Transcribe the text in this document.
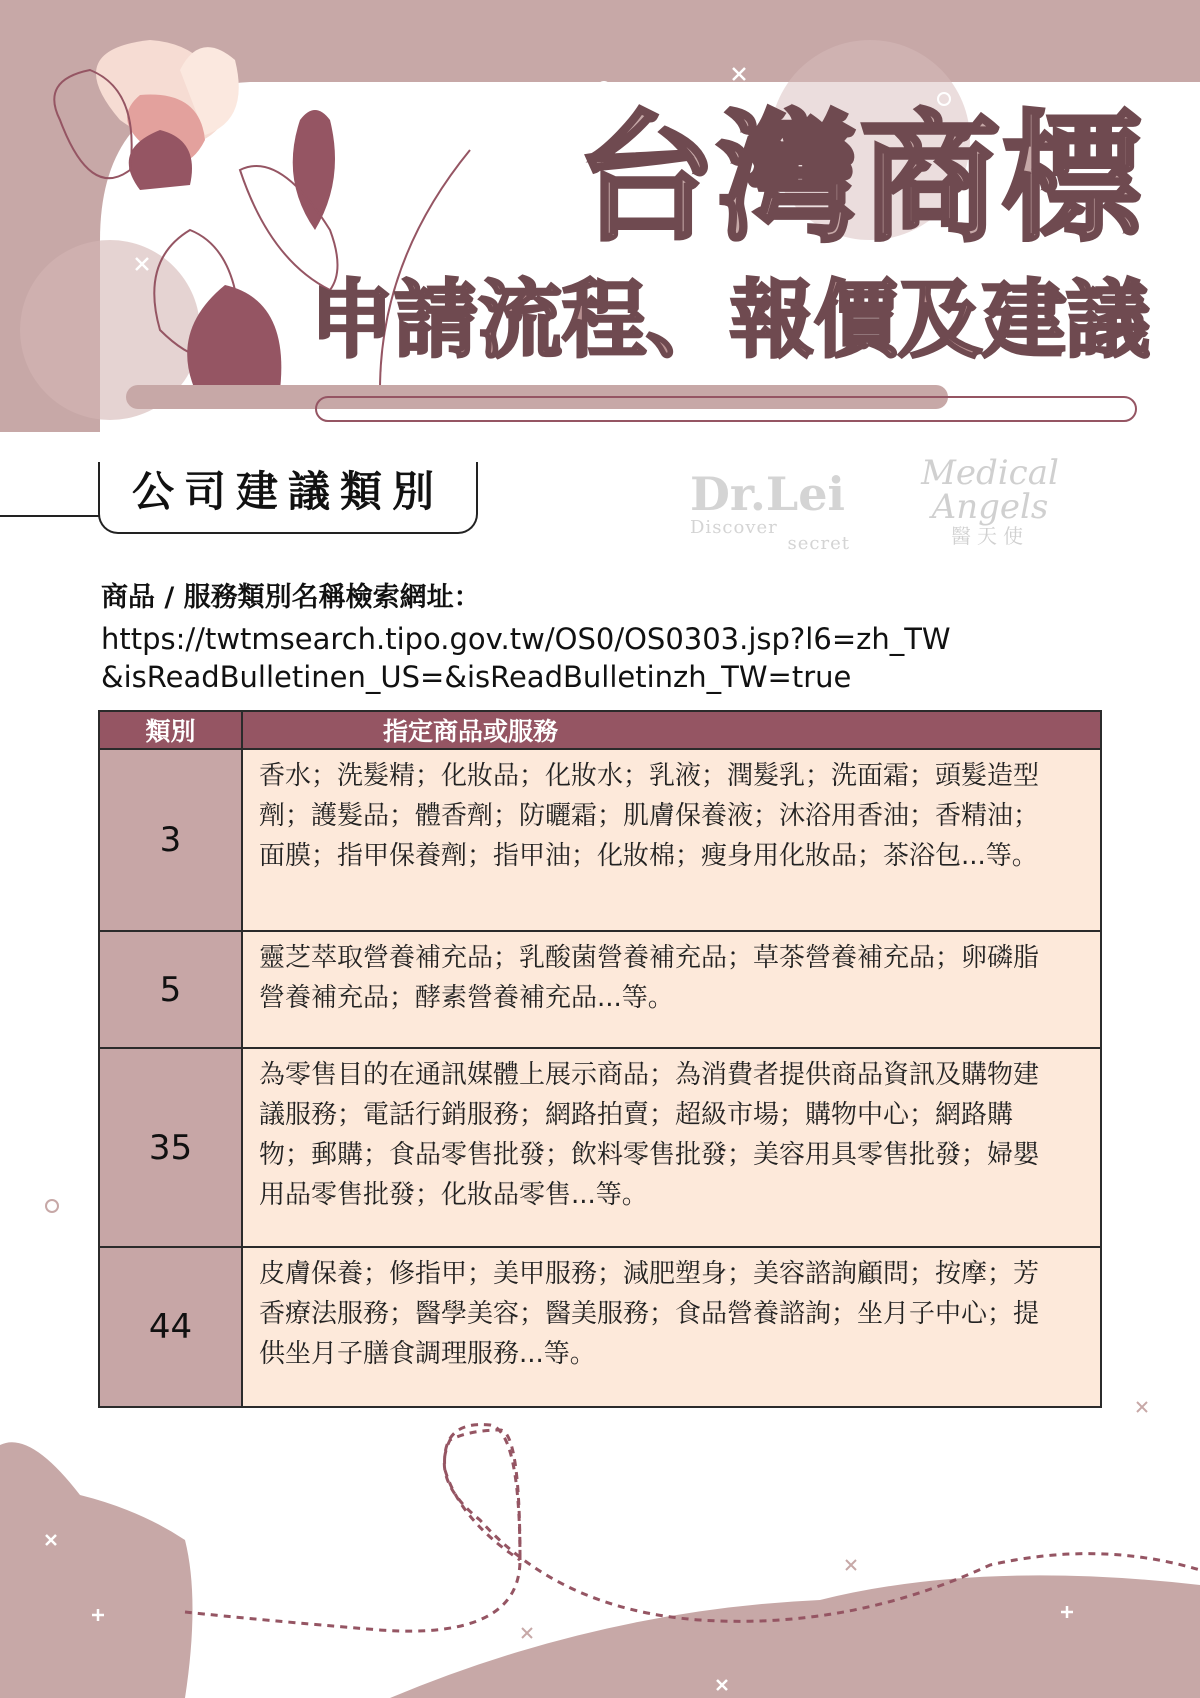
台灣商標
申請流程、報價及建議
公司建議類別	Dr.Lei
Discover
secret
Medical Angels
醫天使
商品 / 服務類別名稱檢索網址：
https://twtmsearch.tipo.gov.tw/OS0/OS0303.jsp?l6=zh_TW&isReadBulletinen_US=&isReadBulletinzh_TW=true
類別	指定商品或服務
3	香水；洗髮精；化妝品；化妝水；乳液；潤髮乳；洗面霜；頭髮造型劑；護髮品；體香劑；防曬霜；肌膚保養液；沐浴用香油；香精油；面膜；指甲保養劑；指甲油；化妝棉；瘦身用化妝品；茶浴包...等。
5	靈芝萃取營養補充品；乳酸菌營養補充品；草茶營養補充品；卵磷脂營養補充品；酵素營養補充品...等。
35	為零售目的在通訊媒體上展示商品；為消費者提供商品資訊及購物建議服務；電話行銷服務；網路拍賣；超級市場；購物中心；網路購物；郵購；食品零售批發；飲料零售批發；美容用具零售批發；婦嬰用品零售批發；化妝品零售...等。
44	皮膚保養；修指甲；美甲服務；減肥塑身；美容諮詢顧問；按摩；芳香療法服務；醫學美容；醫美服務；食品營養諮詢；坐月子中心；提供坐月子膳食調理服務...等。
